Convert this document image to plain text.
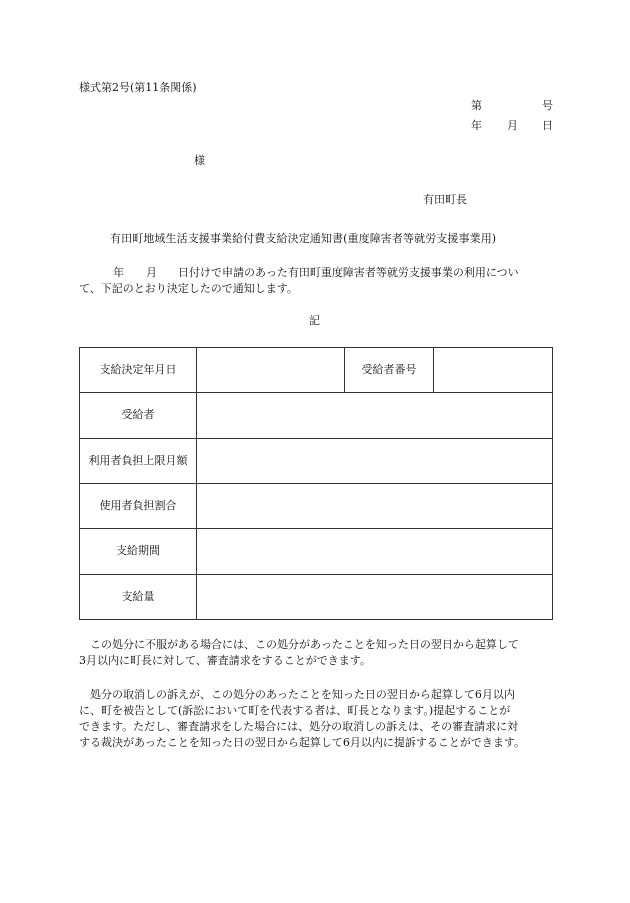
様式第2号(第11条関係)
第	号
年 月 日
様
有田町長
有田町地域生活支援事業給付費支給決定通知書(重度障害者等就労支援事業用)
年 月 日付けで申請のあった有田町重度障害者等就労支援事業の利用につい
て、下記のとおり決定したので通知します。
記
支給決定年月日		受給者番号	
受給者			
利用者負担上限月額			
使用者負担割合			
支給期間			
支給量			
この処分に不服がある場合には、この処分があったことを知った日の翌日から起算して
3月以内に町長に対して、審査請求をすることができます。
処分の取消しの訴えが、この処分のあったことを知った日の翌日から起算して6月以内
に、町を被告として(訴訟において町を代表する者は、町長となります。)提起することが
できます。ただし、審査請求をした場合には、処分の取消しの訴えは、その審査請求に対
する裁決があったことを知った日の翌日から起算して6月以内に提訴することができます。
